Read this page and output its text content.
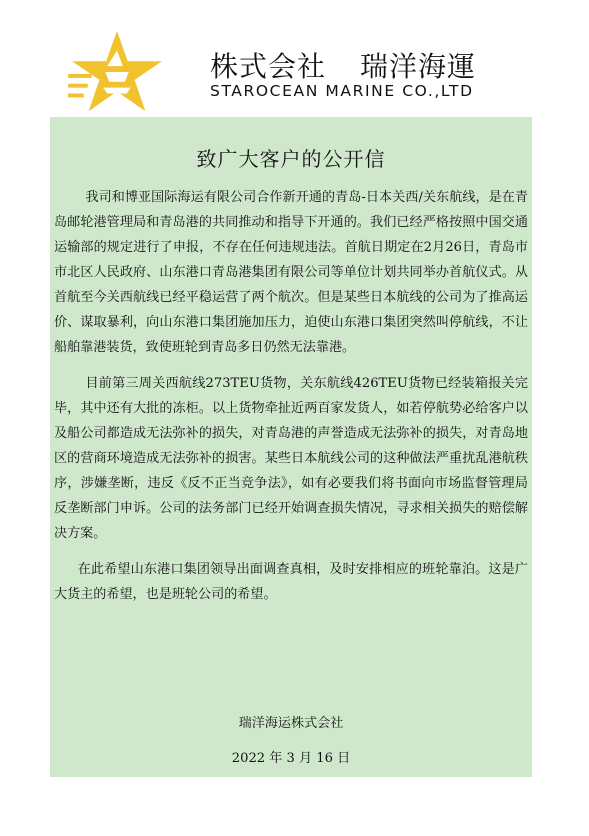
株式会社 瑞洋海運
STAROCEAN MARINE CO.,LTD
致广大客户的公开信

我司和博亚国际海运有限公司合作新开通的青岛-日本关西/关东航线，是在青岛邮轮港管理局和青岛港的共同推动和指导下开通的。我们已经严格按照中国交通运输部的规定进行了申报，不存在任何违规违法。首航日期定在2月26日，青岛市市北区人民政府、山东港口青岛港集团有限公司等单位计划共同举办首航仪式。从首航至今关西航线已经平稳运营了两个航次。但是某些日本航线的公司为了推高运价、谋取暴利，向山东港口集团施加压力，迫使山东港口集团突然叫停航线，不让船舶靠港装货，致使班轮到青岛多日仍然无法靠港。

目前第三周关西航线273TEU货物，关东航线426TEU货物已经装箱报关完毕，其中还有大批的冻柜。以上货物牵扯近两百家发货人，如若停航势必给客户以及船公司都造成无法弥补的损失，对青岛港的声誉造成无法弥补的损失，对青岛地区的营商环境造成无法弥补的损害。某些日本航线公司的这种做法严重扰乱港航秩序，涉嫌垄断，违反《反不正当竞争法》，如有必要我们将书面向市场监督管理局反垄断部门申诉。公司的法务部门已经开始调查损失情况，寻求相关损失的赔偿解决方案。

在此希望山东港口集团领导出面调查真相，及时安排相应的班轮靠泊。这是广大货主的希望，也是班轮公司的希望。

瑞洋海运株式会社
2022 年 3 月 16 日
